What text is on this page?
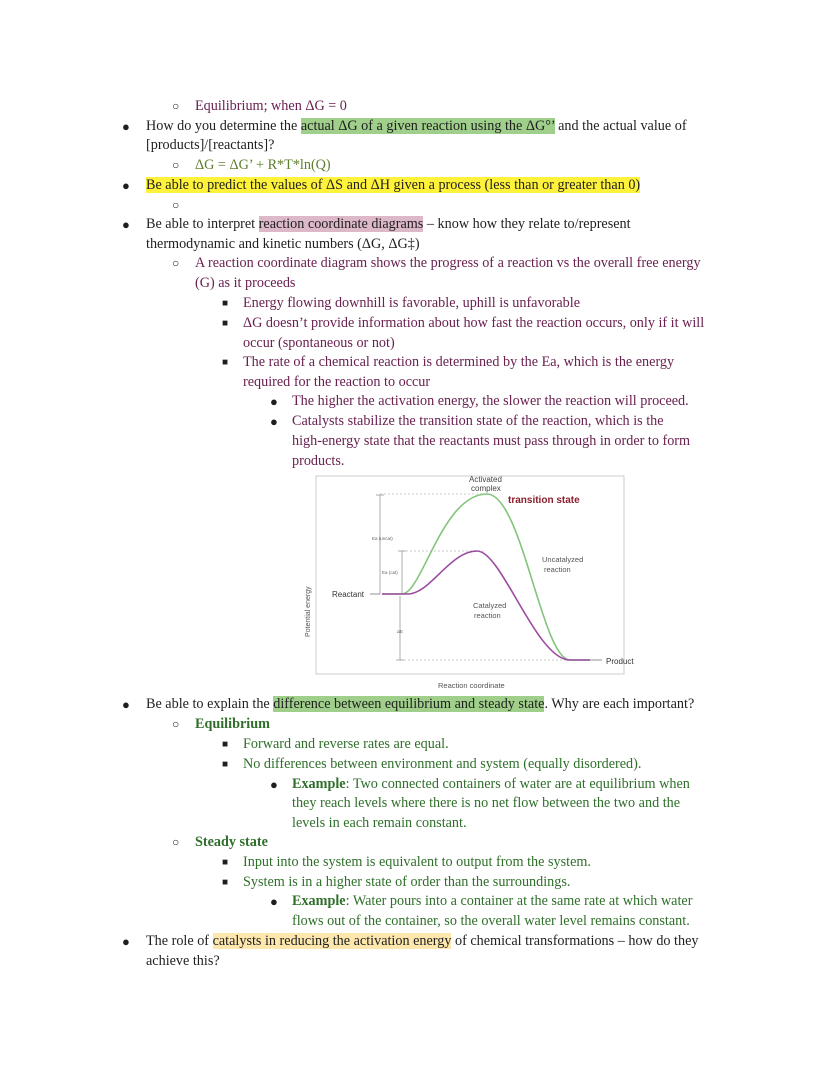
○ Equilibrium; when ΔG = 0
● How do you determine the actual ΔG of a given reaction using the ΔG°’ and the actual value of
[products]/[reactants]?
○ ΔG = ΔG’ + R*T*ln(Q)
● Be able to predict the values of ΔS and ΔH given a process (less than or greater than 0)
○
● Be able to interpret reaction coordinate diagrams – know how they relate to/represent
thermodynamic and kinetic numbers (ΔG, ΔG‡)
○ A reaction coordinate diagram shows the progress of a reaction vs the overall free energy
(G) as it proceeds
■ Energy flowing downhill is favorable, uphill is unfavorable
■ ΔG doesn’t provide information about how fast the reaction occurs, only if it will
occur (spontaneous or not)
■ The rate of a chemical reaction is determined by the Ea, which is the energy
required for the reaction to occur
● The higher the activation energy, the slower the reaction will proceed.
● Catalysts stabilize the transition state of the reaction, which is the
high-energy state that the reactants must pass through in order to form
products.
Activated
complex
transition state
Ea (uncat)
Ea (cat)
Uncatalyzed
reaction
Reactant
Catalyzed
reaction
ΔE
Product
Potential energy
Reaction coordinate
● Be able to explain the difference between equilibrium and steady state. Why are each important?
○ Equilibrium
■ Forward and reverse rates are equal.
■ No differences between environment and system (equally disordered).
● Example: Two connected containers of water are at equilibrium when
they reach levels where there is no net flow between the two and the
levels in each remain constant.
○ Steady state
■ Input into the system is equivalent to output from the system.
■ System is in a higher state of order than the surroundings.
● Example: Water pours into a container at the same rate at which water
flows out of the container, so the overall water level remains constant.
● The role of catalysts in reducing the activation energy of chemical transformations – how do they
achieve this?
